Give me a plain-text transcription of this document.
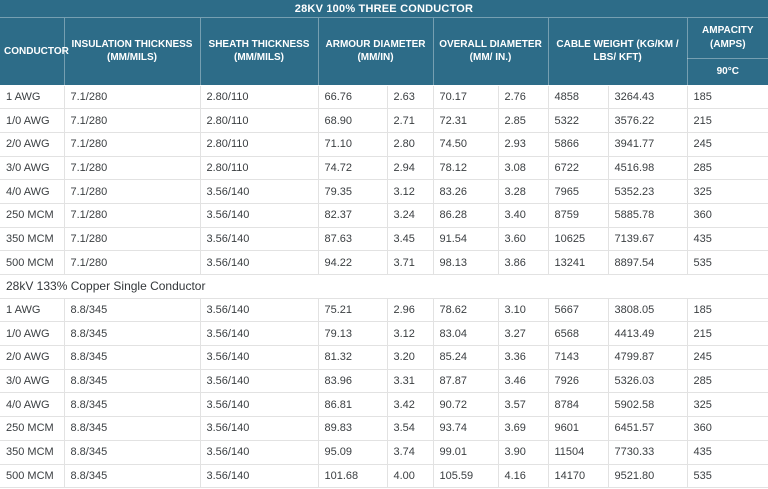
28KV 100% THREE CONDUCTOR
CONDUCTOR	INSULATION THICKNESS (MM/MILS)	SHEATH THICKNESS (MM/MILS)	ARMOUR DIAMETER (MM/IN)		OVERALL DIAMETER (MM/ IN.)		CABLE WEIGHT (KG/KM / LBS/ KFT)		AMPACITY (AMPS)
									90°C
1 AWG	7.1/280	2.80/110	66.76	2.63	70.17	2.76	4858	3264.43	185
1/0 AWG	7.1/280	2.80/110	68.90	2.71	72.31	2.85	5322	3576.22	215
2/0 AWG	7.1/280	2.80/110	71.10	2.80	74.50	2.93	5866	3941.77	245
3/0 AWG	7.1/280	2.80/110	74.72	2.94	78.12	3.08	6722	4516.98	285
4/0 AWG	7.1/280	3.56/140	79.35	3.12	83.26	3.28	7965	5352.23	325
250 MCM	7.1/280	3.56/140	82.37	3.24	86.28	3.40	8759	5885.78	360
350 MCM	7.1/280	3.56/140	87.63	3.45	91.54	3.60	10625	7139.67	435
500 MCM	7.1/280	3.56/140	94.22	3.71	98.13	3.86	13241	8897.54	535
28kV 133% Copper Single Conductor									
1 AWG	8.8/345	3.56/140	75.21	2.96	78.62	3.10	5667	3808.05	185
1/0 AWG	8.8/345	3.56/140	79.13	3.12	83.04	3.27	6568	4413.49	215
2/0 AWG	8.8/345	3.56/140	81.32	3.20	85.24	3.36	7143	4799.87	245
3/0 AWG	8.8/345	3.56/140	83.96	3.31	87.87	3.46	7926	5326.03	285
4/0 AWG	8.8/345	3.56/140	86.81	3.42	90.72	3.57	8784	5902.58	325
250 MCM	8.8/345	3.56/140	89.83	3.54	93.74	3.69	9601	6451.57	360
350 MCM	8.8/345	3.56/140	95.09	3.74	99.01	3.90	11504	7730.33	435
500 MCM	8.8/345	3.56/140	101.68	4.00	105.59	4.16	14170	9521.80	535
